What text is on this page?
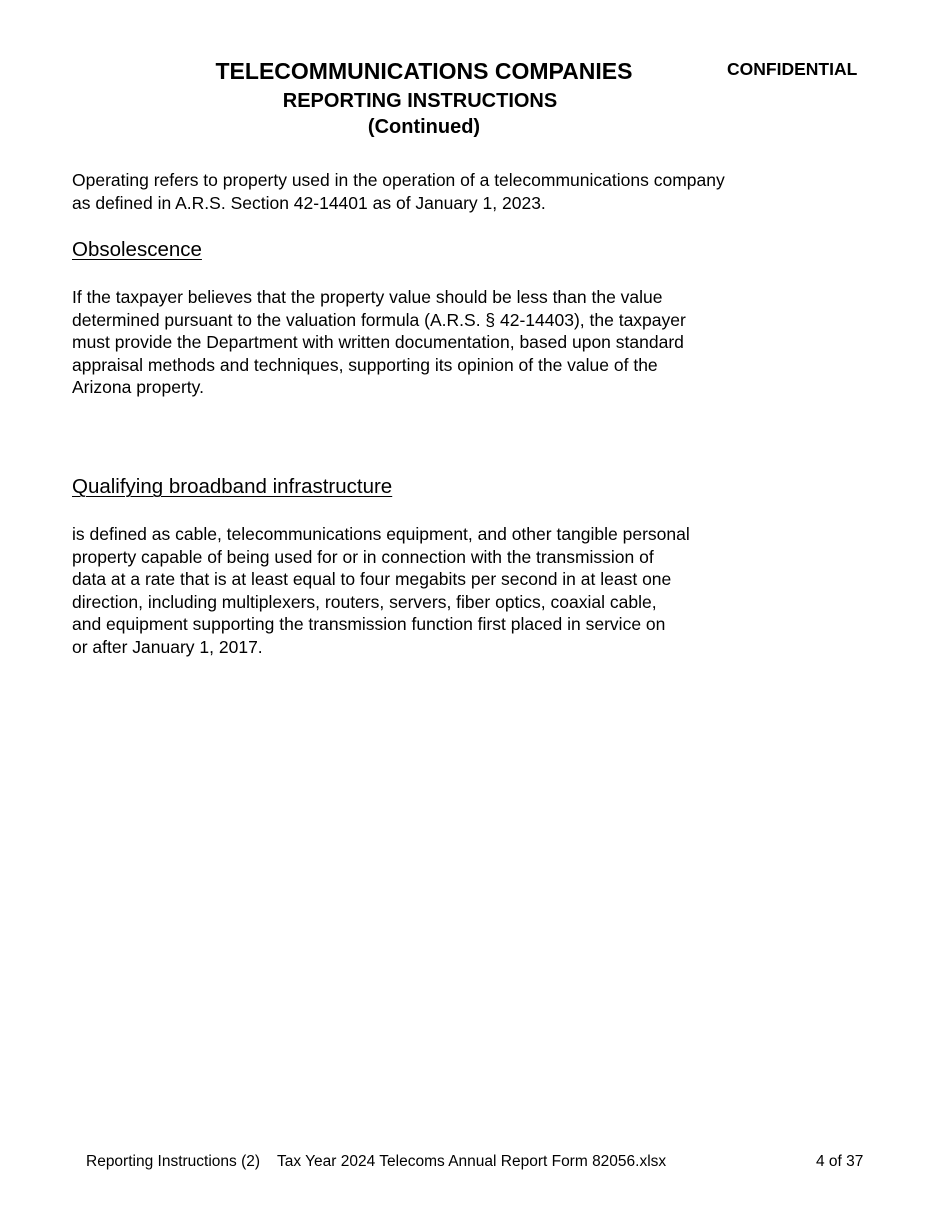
TELECOMMUNICATIONS COMPANIES	CONFIDENTIAL
REPORTING INSTRUCTIONS
(Continued)
Operating refers to property used in the operation of a telecommunications company
as defined in A.R.S. Section 42-14401 as of January 1, 2023.
Obsolescence
If the taxpayer believes that the property value should be less than the value
determined pursuant to the valuation formula (A.R.S. § 42-14403), the taxpayer
must provide the Department with written documentation, based upon standard
appraisal methods and techniques, supporting its opinion of the value of the
Arizona property.
Qualifying broadband infrastructure
is defined as cable, telecommunications equipment, and other tangible personal
property capable of being used for or in connection with the transmission of
data at a rate that is at least equal to four megabits per second in at least one
direction, including multiplexers, routers, servers, fiber optics, coaxial cable,
and equipment supporting the transmission function first placed in service on
or after January 1, 2017.
Reporting Instructions (2) Tax Year 2024 Telecoms Annual Report Form 82056.xlsx	4 of 37
